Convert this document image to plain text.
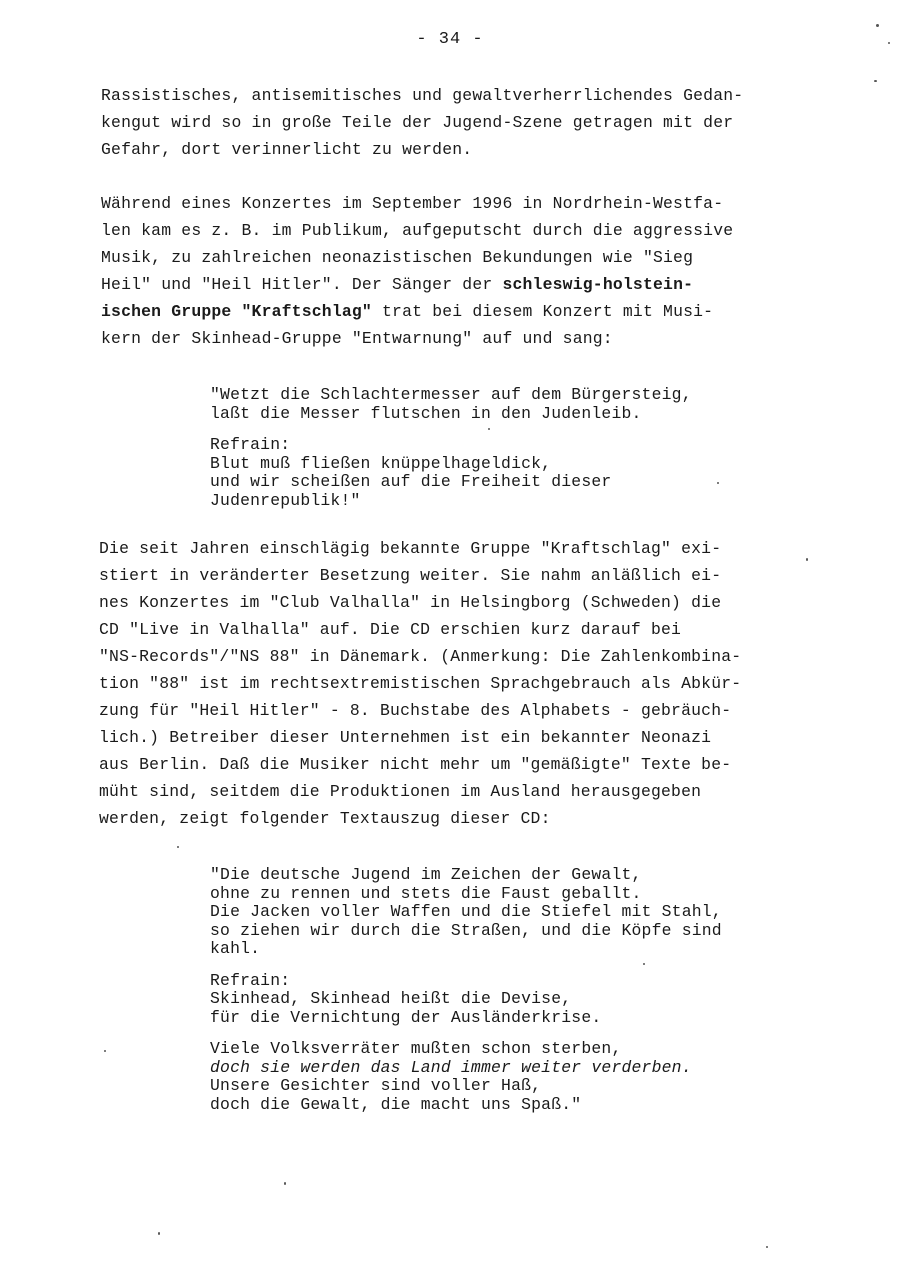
- 34 -
Rassistisches, antisemitisches und gewaltverherrlichendes Gedan-
kengut wird so in große Teile der Jugend-Szene getragen mit der
Gefahr, dort verinnerlicht zu werden.
Während eines Konzertes im September 1996 in Nordrhein-Westfa-
len kam es z. B. im Publikum, aufgeputscht durch die aggressive
Musik, zu zahlreichen neonazistischen Bekundungen wie "Sieg
Heil" und "Heil Hitler". Der Sänger der schleswig-holstein-
ischen Gruppe "Kraftschlag" trat bei diesem Konzert mit Musi-
kern der Skinhead-Gruppe "Entwarnung" auf und sang:
"Wetzt die Schlachtermesser auf dem Bürgersteig,
laßt die Messer flutschen in den Judenleib.
Refrain:
Blut muß fließen knüppelhageldick,
und wir scheißen auf die Freiheit dieser
Judenrepublik!"
Die seit Jahren einschlägig bekannte Gruppe "Kraftschlag" exi-
stiert in veränderter Besetzung weiter. Sie nahm anläßlich ei-
nes Konzertes im "Club Valhalla" in Helsingborg (Schweden) die
CD "Live in Valhalla" auf. Die CD erschien kurz darauf bei
"NS-Records"/"NS 88" in Dänemark. (Anmerkung: Die Zahlenkombina-
tion "88" ist im rechtsextremistischen Sprachgebrauch als Abkür-
zung für "Heil Hitler" - 8. Buchstabe des Alphabets - gebräuch-
lich.) Betreiber dieser Unternehmen ist ein bekannter Neonazi
aus Berlin. Daß die Musiker nicht mehr um "gemäßigte" Texte be-
müht sind, seitdem die Produktionen im Ausland herausgegeben
werden, zeigt folgender Textauszug dieser CD:
"Die deutsche Jugend im Zeichen der Gewalt,
ohne zu rennen und stets die Faust geballt.
Die Jacken voller Waffen und die Stiefel mit Stahl,
so ziehen wir durch die Straßen, und die Köpfe sind
kahl.
Refrain:
Skinhead, Skinhead heißt die Devise,
für die Vernichtung der Ausländerkrise.
Viele Volksverräter mußten schon sterben,
doch sie werden das Land immer weiter verderben.
Unsere Gesichter sind voller Haß,
doch die Gewalt, die macht uns Spaß."
